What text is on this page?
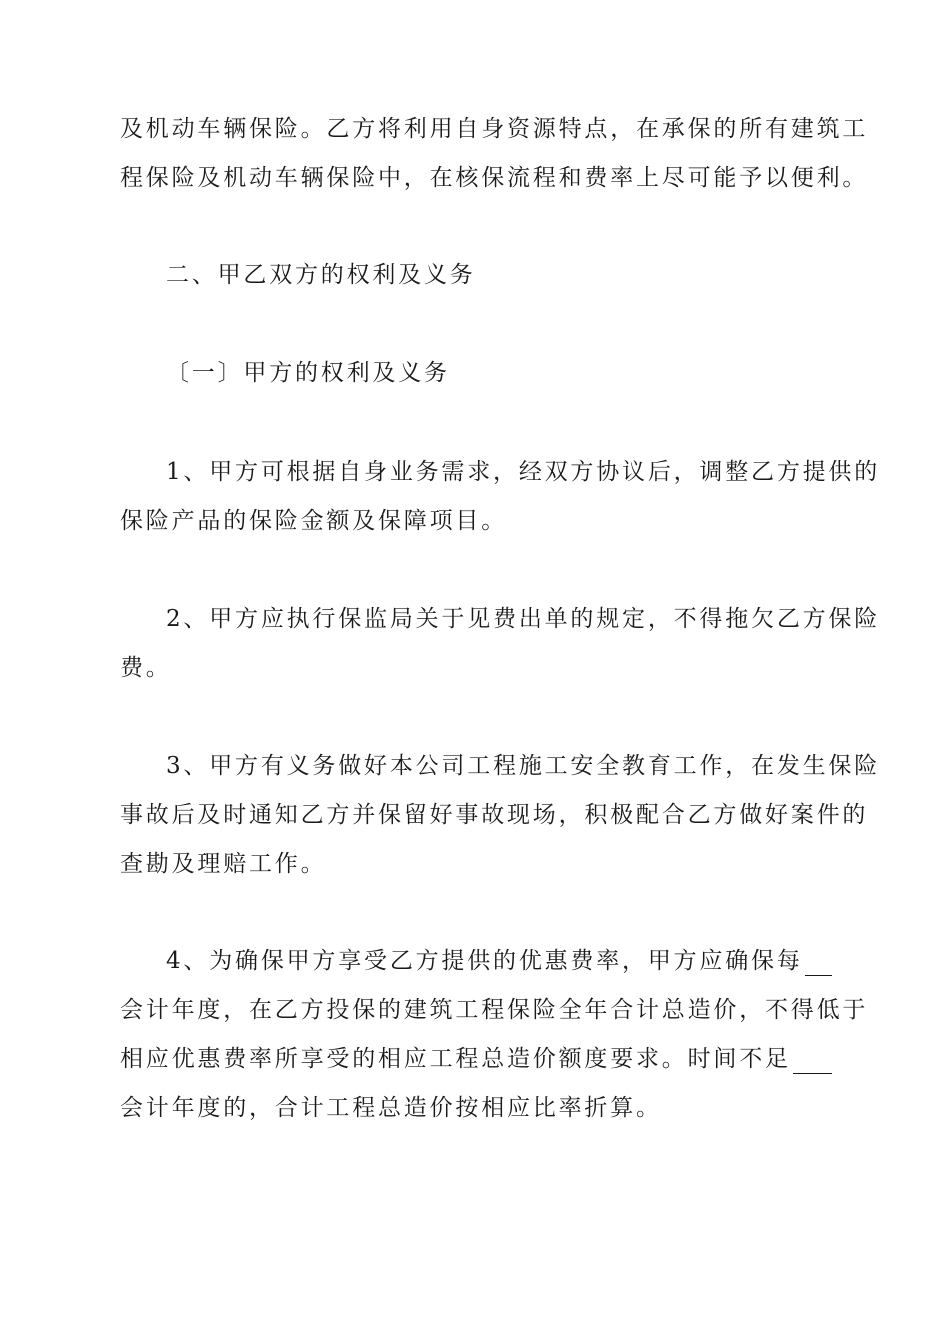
及机动车辆保险。乙方将利用自身资源特点，在承保的所有建筑工
程保险及机动车辆保险中，在核保流程和费率上尽可能予以便利。
二、甲乙双方的权利及义务
〔一〕甲方的权利及义务
1、甲方可根据自身业务需求，经双方协议后，调整乙方提供的
保险产品的保险金额及保障项目。
2、甲方应执行保监局关于见费出单的规定，不得拖欠乙方保险
费。
3、甲方有义务做好本公司工程施工安全教育工作，在发生保险
事故后及时通知乙方并保留好事故现场，积极配合乙方做好案件的
查勘及理赔工作。
4、为确保甲方享受乙方提供的优惠费率，甲方应确保每
会计年度，在乙方投保的建筑工程保险全年合计总造价，不得低于
相应优惠费率所享受的相应工程总造价额度要求。时间不足
会计年度的，合计工程总造价按相应比率折算。
